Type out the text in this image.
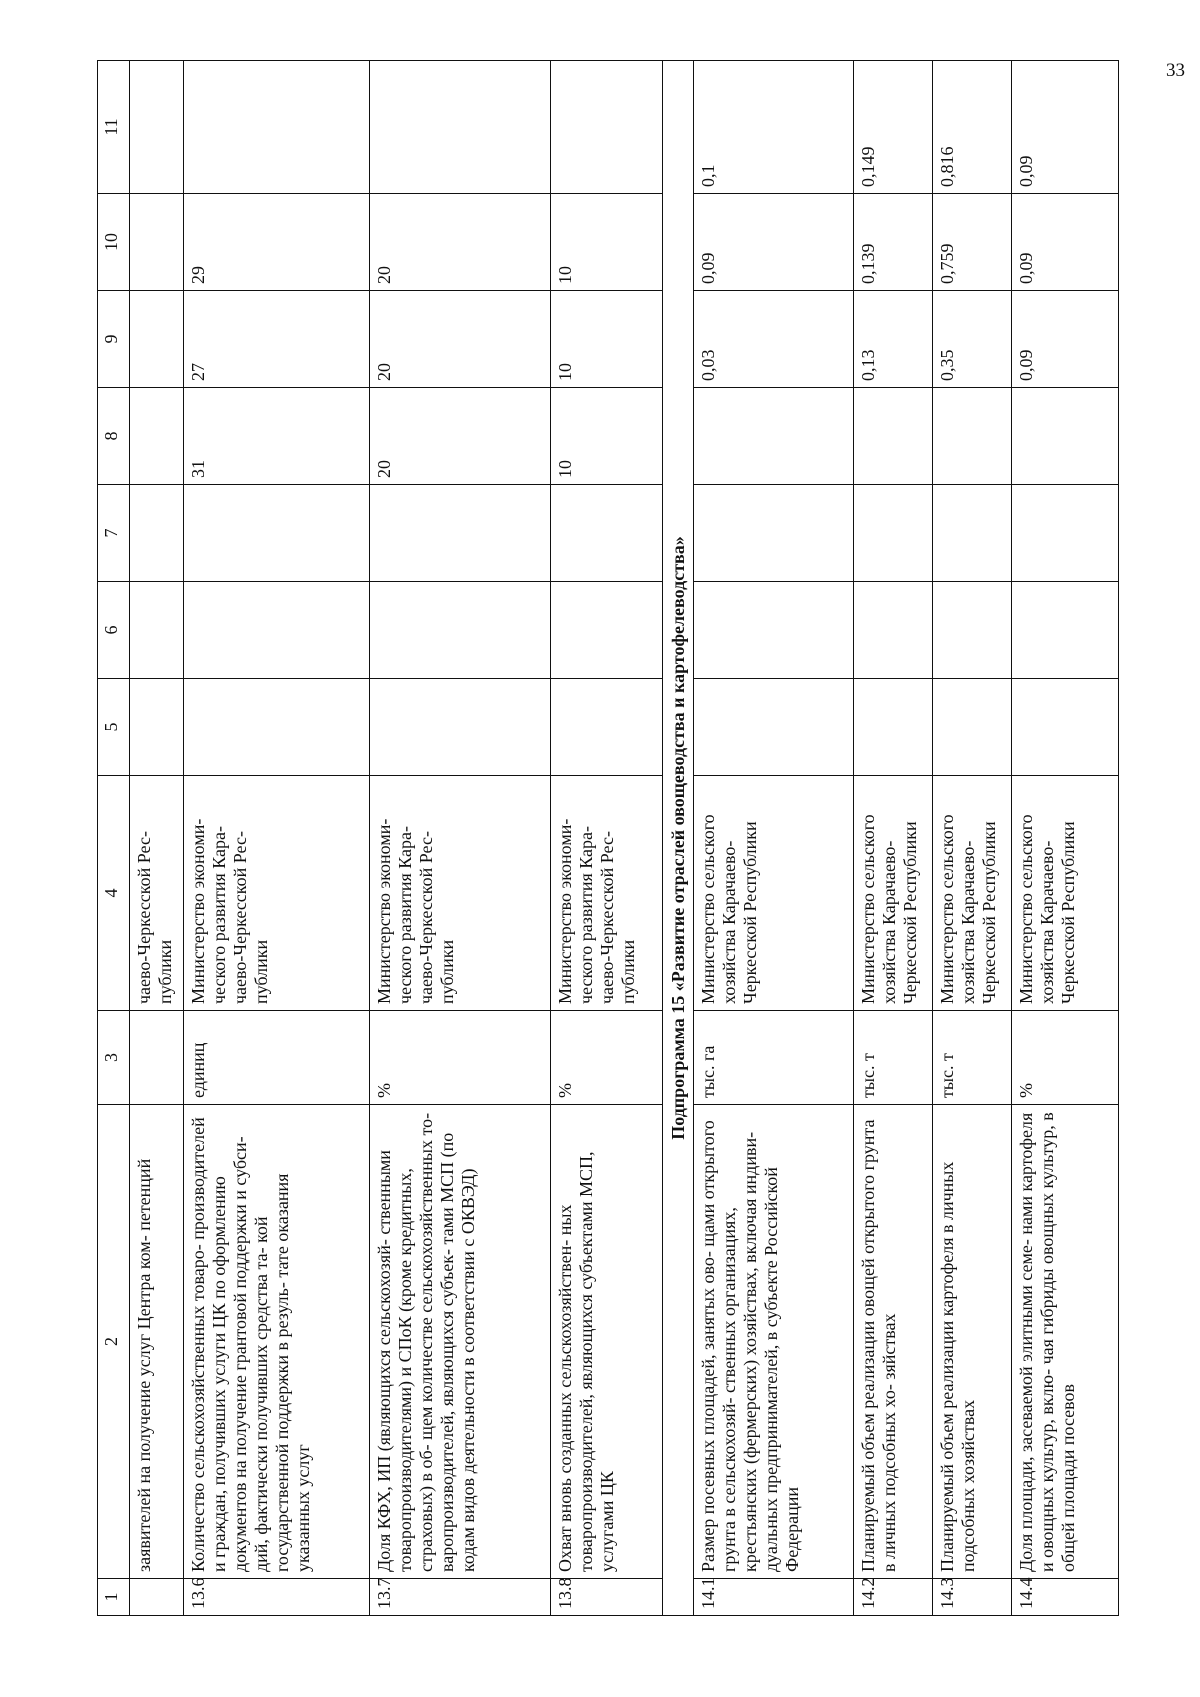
33
1	2	3	4	5	6	7	8	9	10	11
	заявителей на получение услуг Центра ком- петенций		чаево-Черкесской Рес- публики							
13.6	Количество сельскохозяйственных товаро- производителей и граждан, получивших услуги ЦК по оформлению документов на получение грантовой поддержки и субси- дий, фактически получивших средства та- кой государственной поддержки в резуль- тате оказания указанных услуг	единиц	Министерство экономи- ческого развития Кара- чаево-Черкесской Рес- публики				31	27	29	
13.7	Доля КФХ, ИП (являющихся сельскохозяй- ственными товаропроизводителями) и СПоК (кроме кредитных, страховых) в об- щем количестве сельскохозяйственных то- варопроизводителей, являющихся субъек- тами МСП (по кодам видов деятельности в соответствии с ОКВЭД)	%	Министерство экономи- ческого развития Кара- чаево-Черкесской Рес- публики				20	20	20	
13.8	Охват вновь созданных сельскохозяйствен- ных товаропроизводителей, являющихся субъектами МСП, услугами ЦК	%	Министерство экономи- ческого развития Кара- чаево-Черкесской Рес- публики				10	10	10	
Подпрограмма 15 «Развитие отраслей овощеводства и картофелеводства»										
14.1	Размер посевных площадей, занятых ово- щами открытого грунта в сельскохозяй- ственных организациях, крестьянских (фермерских) хозяйствах, включая индиви- дуальных предпринимателей, в субъекте Российской Федерации	тыс. га	Министерство сельского хозяйства Карачаево- Черкесской Республики					0,03	0,09	0,1
14.2	Планируемый объем реализации овощей открытого грунта в личных подсобных хо- зяйствах	тыс. т	Министерство сельского хозяйства Карачаево- Черкесской Республики					0,13	0,139	0,149
14.3	Планируемый объем реализации картофеля в личных подсобных хозяйствах	тыс. т	Министерство сельского хозяйства Карачаево- Черкесской Республики					0,35	0,759	0,816
14.4	Доля площади, засеваемой элитными семе- нами картофеля и овощных культур, вклю- чая гибриды овощных культур, в общей площади посевов	%	Министерство сельского хозяйства Карачаево- Черкесской Республики					0,09	0,09	0,09
